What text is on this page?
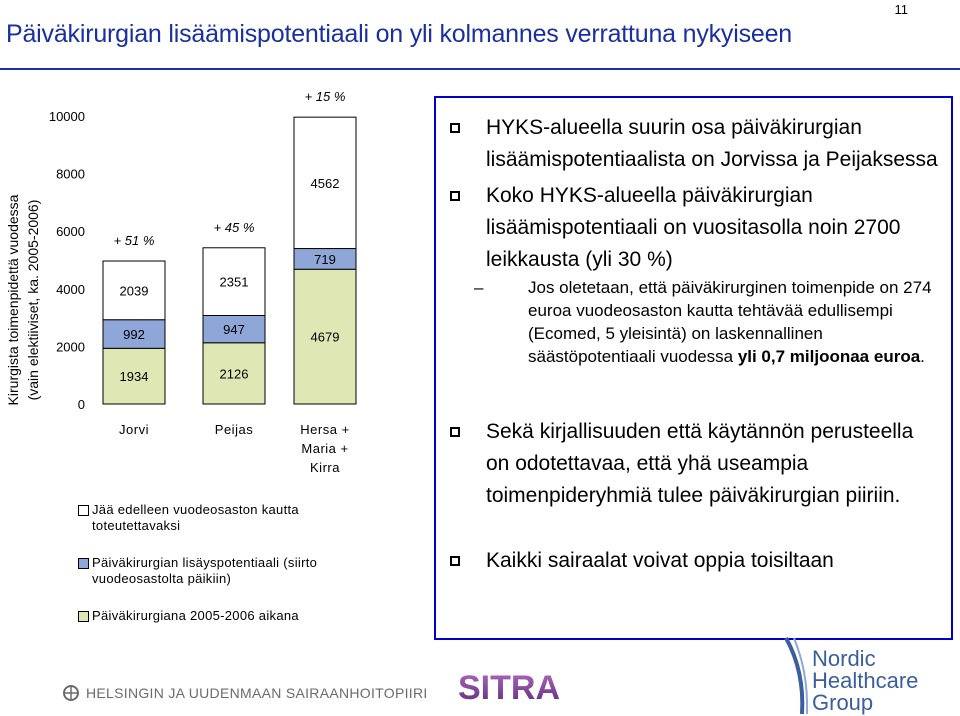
11
Päiväkirurgian lisäämispotentiaali on yli kolmannes verrattuna nykyiseen
Kirurgista toimenpidettä vuodessa (vain elektiiviset, ka. 2005-2006)
0
2000
4000
6000
8000
10000
1934
992
2039
+ 51 %
Jorvi
2126
947
2351
+ 45 %
Peijas
4679
719
4562
+ 15 %
Hersa +
Maria +
Kirra
Jää edelleen vuodeosaston kautta toteutettavaksi
Päiväkirurgian lisäyspotentiaali (siirto vuodeosastolta päikiin)
Päiväkirurgiana 2005-2006 aikana
HYKS-alueella suurin osa päiväkirurgian lisäämispotentiaalista on Jorvissa ja Peijaksessa
Koko HYKS-alueella päiväkirurgian lisäämispotentiaali on vuositasolla noin 2700 leikkausta (yli 30 %)
–	Jos oletetaan, että päiväkirurginen toimenpide on 274 euroa vuodeosaston kautta tehtävää edullisempi (Ecomed, 5 yleisintä) on laskennallinen säästöpotentiaali vuodessa yli 0,7 miljoonaa euroa.
Sekä kirjallisuuden että käytännön perusteella on odotettavaa, että yhä useampia toimenpideryhmiä tulee päiväkirurgian piiriin.
Kaikki sairaalat voivat oppia toisiltaan
HELSINGIN JA UUDENMAAN SAIRAANHOITOPIIRI SITRA
Nordic
Healthcare
Group
